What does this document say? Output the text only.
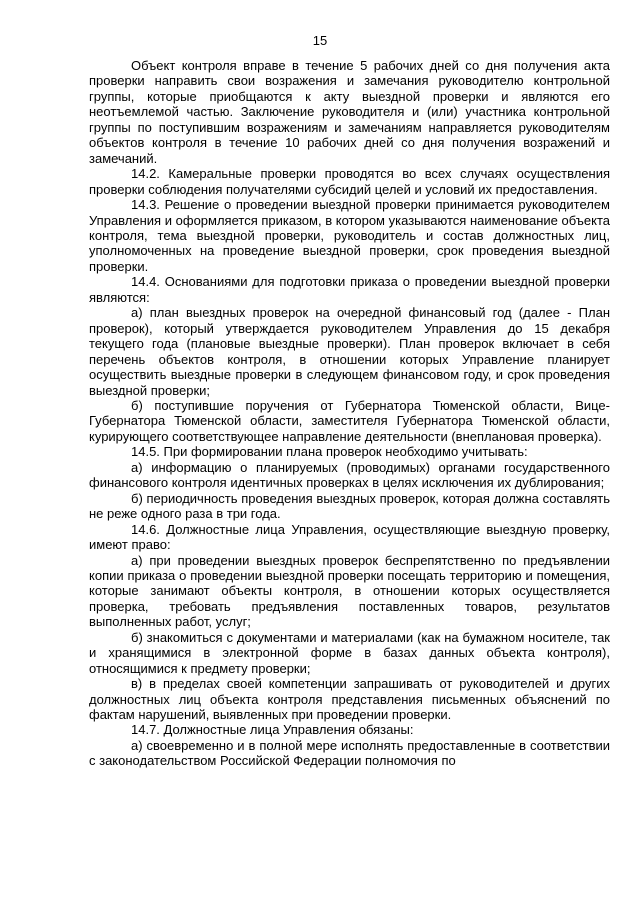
15

Объект контроля вправе в течение 5 рабочих дней со дня получения акта проверки направить свои возражения и замечания руководителю контрольной группы, которые приобщаются к акту выездной проверки и являются его неотъемлемой частью. Заключение руководителя и (или) участника контрольной группы по поступившим возражениям и замечаниям направляется руководителям объектов контроля в течение 10 рабочих дней со дня получения возражений и замечаний.

14.2. Камеральные проверки проводятся во всех случаях осуществления проверки соблюдения получателями субсидий целей и условий их предоставления.

14.3. Решение о проведении выездной проверки принимается руководителем Управления и оформляется приказом, в котором указываются наименование объекта контроля, тема выездной проверки, руководитель и состав должностных лиц, уполномоченных на проведение выездной проверки, срок проведения выездной проверки.

14.4. Основаниями для подготовки приказа о проведении выездной проверки являются:

а) план выездных проверок на очередной финансовый год (далее - План проверок), который утверждается руководителем Управления до 15 декабря текущего года (плановые выездные проверки). План проверок включает в себя перечень объектов контроля, в отношении которых Управление планирует осуществить выездные проверки в следующем финансовом году, и срок проведения выездной проверки;

б) поступившие поручения от Губернатора Тюменской области, Вице-Губернатора Тюменской области, заместителя Губернатора Тюменской области, курирующего соответствующее направление деятельности (внеплановая проверка).

14.5. При формировании плана проверок необходимо учитывать:

а) информацию о планируемых (проводимых) органами государственного финансового контроля идентичных проверках в целях исключения их дублирования;

б) периодичность проведения выездных проверок, которая должна составлять не реже одного раза в три года.

14.6. Должностные лица Управления, осуществляющие выездную проверку, имеют право:

а) при проведении выездных проверок беспрепятственно по предъявлении копии приказа о проведении выездной проверки посещать территорию и помещения, которые занимают объекты контроля, в отношении которых осуществляется проверка, требовать предъявления поставленных товаров, результатов выполненных работ, услуг;

б) знакомиться с документами и материалами (как на бумажном носителе, так и хранящимися в электронной форме в базах данных объекта контроля), относящимися к предмету проверки;

в) в пределах своей компетенции запрашивать от руководителей и других должностных лиц объекта контроля представления письменных объяснений по фактам нарушений, выявленных при проведении проверки.

14.7. Должностные лица Управления обязаны:

а) своевременно и в полной мере исполнять предоставленные в соответствии с законодательством Российской Федерации полномочия по
